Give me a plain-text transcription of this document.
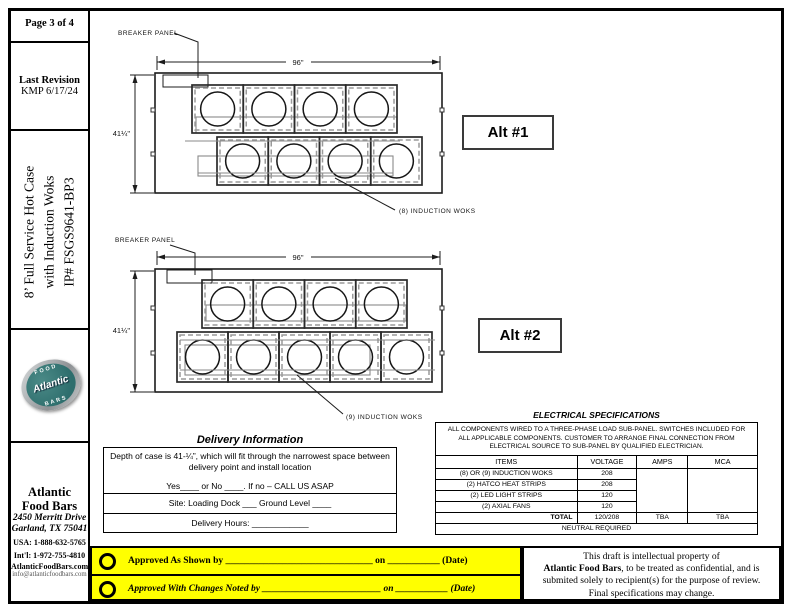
Page 3 of 4
Last Revision
KMP 6/17/24
8’ Full Service Hot Case with Induction Woks IP# FSGS9641-BP3
FOOD
Atlantic
BARS
Atlantic
Food Bars
2450 Merritt Drive
Garland, TX 75041
USA: 1-888-632-5765
Int'l: 1-972-755-4810
AtlanticFoodBars.com
info@atlanticfoodbars.com
96"
41¼"
BREAKER PANEL
(8) INDUCTION WOKS
Alt #1
96"
41¼"
BREAKER PANEL
(9) INDUCTION WOKS
Alt #2
Delivery Information
Depth of case is 41-¼”, which will fit through the narrowest space between
delivery point and install location
Yes____ or No ____. If no – CALL US ASAP
Site: Loading Dock ___ Ground Level ____
Delivery Hours: ____________
ELECTRICAL SPECIFICATIONS
ALL COMPONENTS WIRED TO A THREE-PHASE LOAD SUB-PANEL. SWITCHES INCLUDED FOR ALL APPLICABLE COMPONENTS. CUSTOMER TO ARRANGE FINAL CONNECTION FROM ELECTRICAL SOURCE TO SUB-PANEL BY QUALIFIED ELECTRICIAN.			
ITEMS	VOLTAGE	AMPS	MCA
(8) OR (9) INDUCTION WOKS	208		
(2) HATCO HEAT STRIPS	208		
(2) LED LIGHT STRIPS	120		
(2) AXIAL FANS	120		
TOTAL	120/208	TBA	TBA
NEUTRAL REQUIRED			
Approved As Shown by _______________________________ on ___________ (Date)
Approved With Changes Noted by _________________________ on ___________ (Date)
This draft is intellectual property of
Atlantic Food Bars, to be treated as confidential, and is
submited solely to recipient(s) for the purpose of review.
Final specifications may change.
